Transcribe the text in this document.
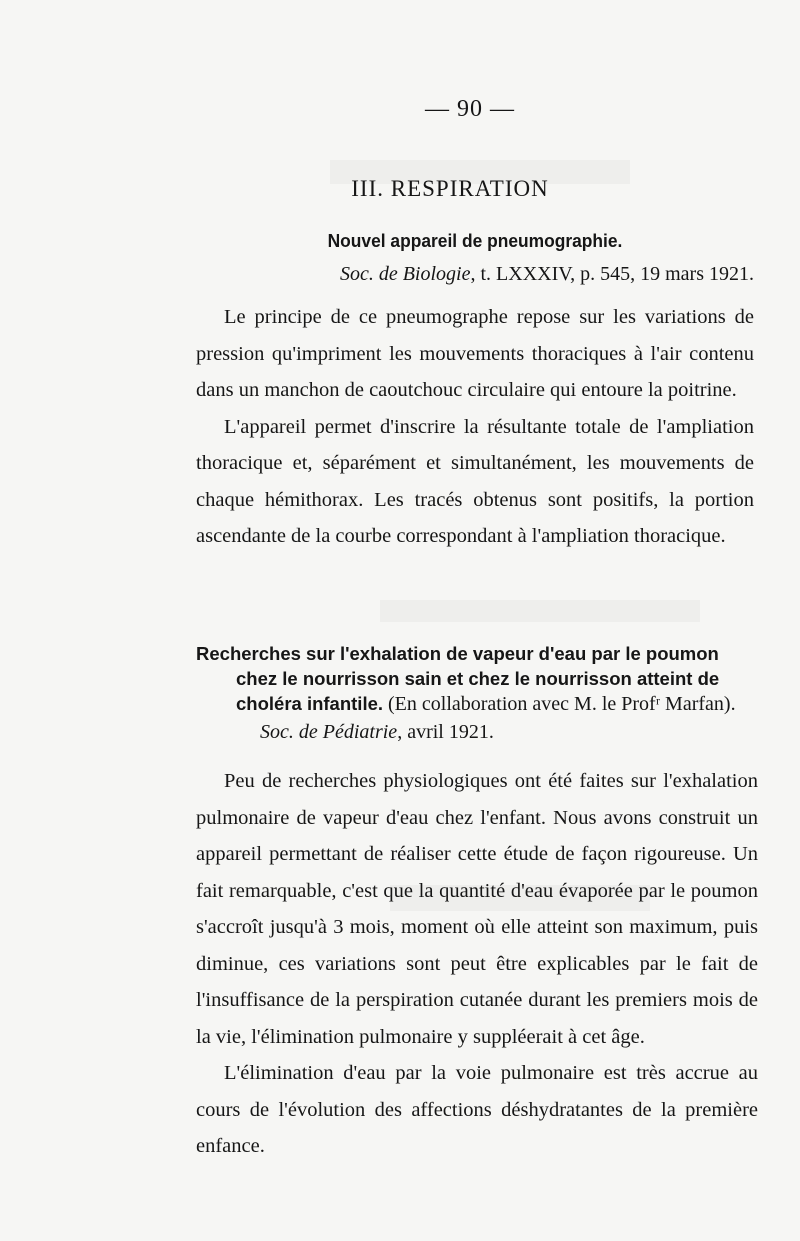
— 90 —
III. RESPIRATION

Nouvel appareil de pneumographie.

Soc. de Biologie, t. LXXXIV, p. 545, 19 mars 1921.

Le principe de ce pneumographe repose sur les variations de pression qu'impriment les mouvements thoraciques à l'air contenu dans un manchon de caoutchouc circulaire qui entoure la poitrine.

L'appareil permet d'inscrire la résultante totale de l'ampliation thoracique et, séparément et simultanément, les mouvements de chaque hémithorax. Les tracés obtenus sont positifs, la portion ascendante de la courbe correspondant à l'ampliation thoracique.

Recherches sur l'exhalation de vapeur d'eau par le poumon chez le nourrisson sain et chez le nourrisson atteint de choléra infantile. (En collaboration avec M. le Profʳ Marfan).

Soc. de Pédiatrie, avril 1921.

Peu de recherches physiologiques ont été faites sur l'exhalation pulmonaire de vapeur d'eau chez l'enfant. Nous avons construit un appareil permettant de réaliser cette étude de façon rigoureuse. Un fait remarquable, c'est que la quantité d'eau évaporée par le poumon s'accroît jusqu'à 3 mois, moment où elle atteint son maximum, puis diminue, ces variations sont peut être explicables par le fait de l'insuffisance de la perspiration cutanée durant les premiers mois de la vie, l'élimination pulmonaire y suppléerait à cet âge.

L'élimination d'eau par la voie pulmonaire est très accrue au cours de l'évolution des affections déshydratantes de la première enfance.
